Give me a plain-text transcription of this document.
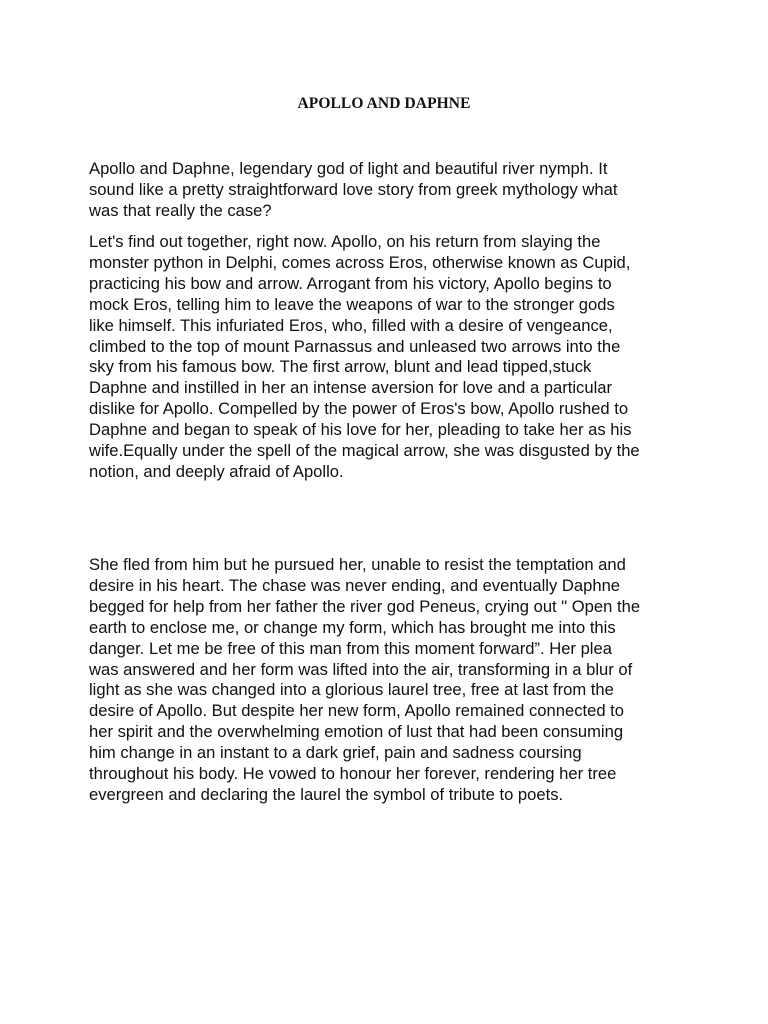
APOLLO AND DAPHNE

Apollo and Daphne, legendary god of light and beautiful river nymph. It
sound like a pretty straightforward love story from greek mythology what
was that really the case?

Let's find out together, right now. Apollo, on his return from slaying the
monster python in Delphi, comes across Eros, otherwise known as Cupid,
practicing his bow and arrow. Arrogant from his victory, Apollo begins to
mock Eros, telling him to leave the weapons of war to the stronger gods
like himself. This infuriated Eros, who, filled with a desire of vengeance,
climbed to the top of mount Parnassus and unleased two arrows into the
sky from his famous bow. The first arrow, blunt and lead tipped,stuck
Daphne and instilled in her an intense aversion for love and a particular
dislike for Apollo. Compelled by the power of Eros's bow, Apollo rushed to
Daphne and began to speak of his love for her, pleading to take her as his
wife.Equally under the spell of the magical arrow, she was disgusted by the
notion, and deeply afraid of Apollo.

She fled from him but he pursued her, unable to resist the temptation and
desire in his heart. The chase was never ending, and eventually Daphne
begged for help from her father the river god Peneus, crying out " Open the
earth to enclose me, or change my form, which has brought me into this
danger. Let me be free of this man from this moment forward”. Her plea
was answered and her form was lifted into the air, transforming in a blur of
light as she was changed into a glorious laurel tree, free at last from the
desire of Apollo. But despite her new form, Apollo remained connected to
her spirit and the overwhelming emotion of lust that had been consuming
him change in an instant to a dark grief, pain and sadness coursing
throughout his body. He vowed to honour her forever, rendering her tree
evergreen and declaring the laurel the symbol of tribute to poets.
